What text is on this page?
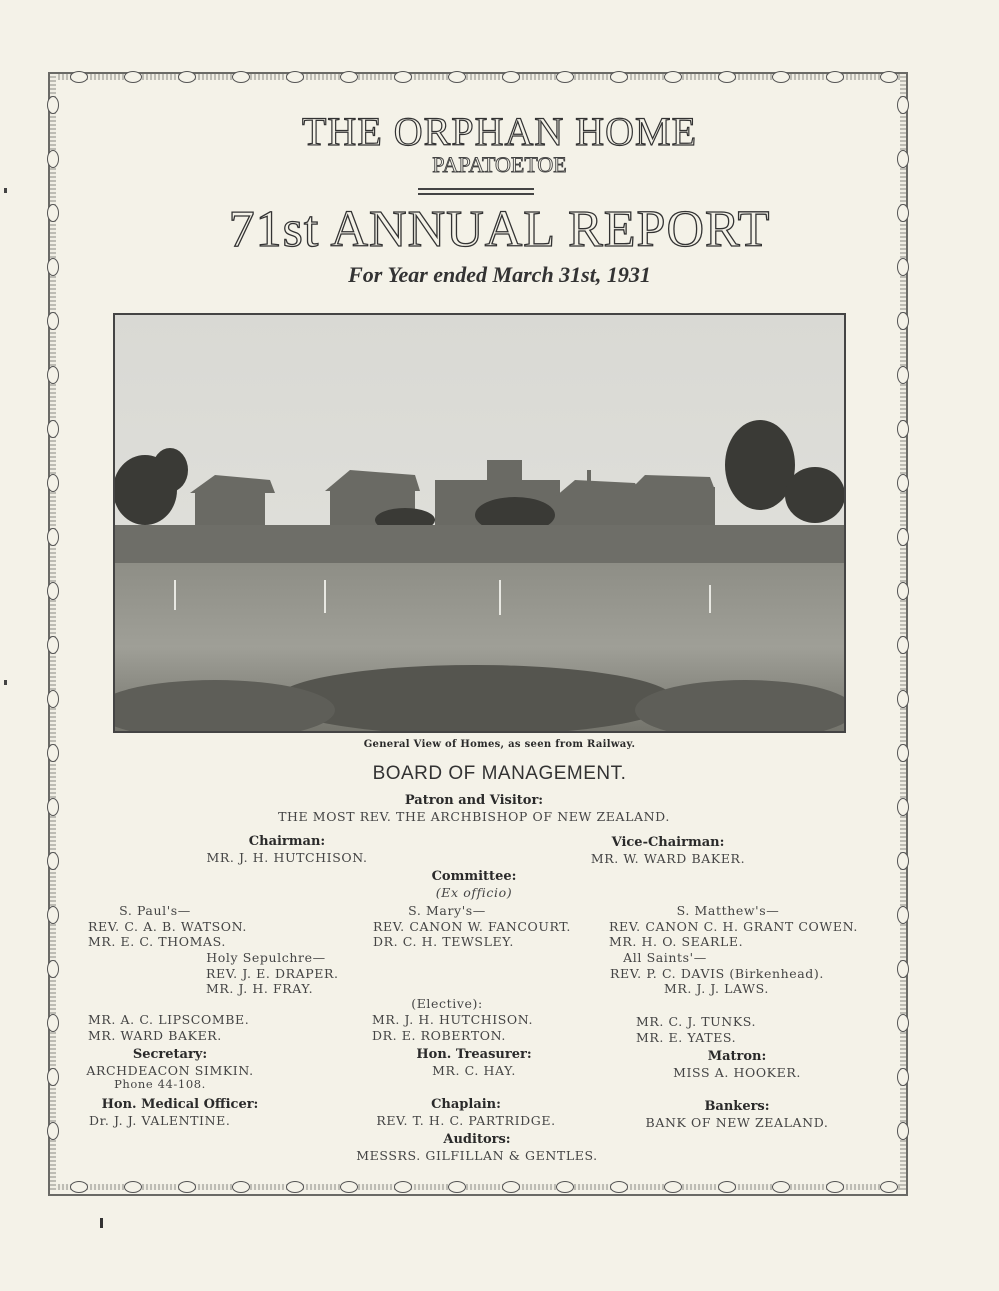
THE ORPHAN HOME
PAPATOETOE
71st ANNUAL REPORT
For Year ended March 31st, 1931
General View of Homes, as seen from Railway.
BOARD OF MANAGEMENT.
Patron and Visitor:
THE MOST REV. THE ARCHBISHOP OF NEW ZEALAND.
Chairman:
MR. J. H. HUTCHISON.
Vice-Chairman:
MR. W. WARD BAKER.
Committee:
(Ex officio)
S. Paul's—
REV. C. A. B. WATSON.
MR. E. C. THOMAS.
S. Mary's—
REV. CANON W. FANCOURT.
DR. C. H. TEWSLEY.
S. Matthew's—
REV. CANON C. H. GRANT COWEN.
MR. H. O. SEARLE.
Holy Sepulchre—
REV. J. E. DRAPER.
MR. J. H. FRAY.
All Saints'—
REV. P. C. DAVIS (Birkenhead).
MR. J. J. LAWS.
(Elective):
MR. A. C. LIPSCOMBE.
MR. WARD BAKER.
MR. J. H. HUTCHISON.
DR. E. ROBERTON.
MR. C. J. TUNKS.
MR. E. YATES.
Secretary:
ARCHDEACON SIMKIN.
Phone 44-108.
Hon. Treasurer:
MR. C. HAY.
Matron:
MISS A. HOOKER.
Hon. Medical Officer:
Dr. J. J. VALENTINE.
Chaplain:
REV. T. H. C. PARTRIDGE.
Bankers:
BANK OF NEW ZEALAND.
Auditors:
MESSRS. GILFILLAN & GENTLES.
